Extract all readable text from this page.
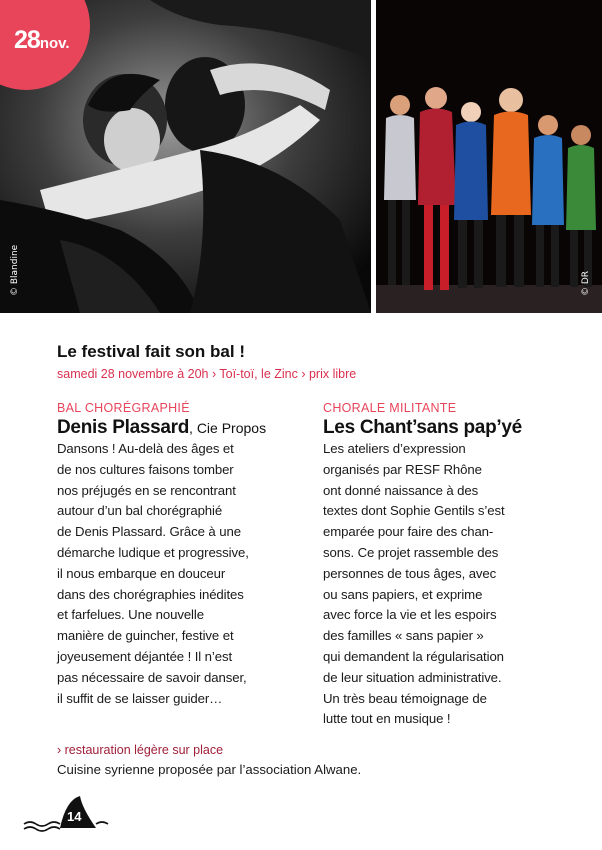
28nov.
© Blandine	© DR
Le festival fait son bal !
samedi 28 novembre à 20h › Toï-toï, le Zinc › prix libre
BAL CHORÉGRAPHIÉ
Denis Plassard, Cie Propos
Dansons ! Au-delà des âges et
de nos cultures faisons tomber
nos préjugés en se rencontrant
autour d’un bal chorégraphié
de Denis Plassard. Grâce à une
démarche ludique et progressive,
il nous embarque en douceur
dans des chorégraphies inédites
et farfelues. Une nouvelle
manière de guincher, festive et
joyeusement déjantée ! Il n’est
pas nécessaire de savoir danser,
il suffit de se laisser guider…
CHORALE MILITANTE
Les Chant’sans pap’yé
Les ateliers d’expression
organisés par RESF Rhône
ont donné naissance à des
textes dont Sophie Gentils s’est
emparée pour faire des chan-
sons. Ce projet rassemble des
personnes de tous âges, avec
ou sans papiers, et exprime
avec force la vie et les espoirs
des familles « sans papier »
qui demandent la régularisation
de leur situation administrative.
Un très beau témoignage de
lutte tout en musique !
› restauration légère sur place
Cuisine syrienne proposée par l’association Alwane.
14
